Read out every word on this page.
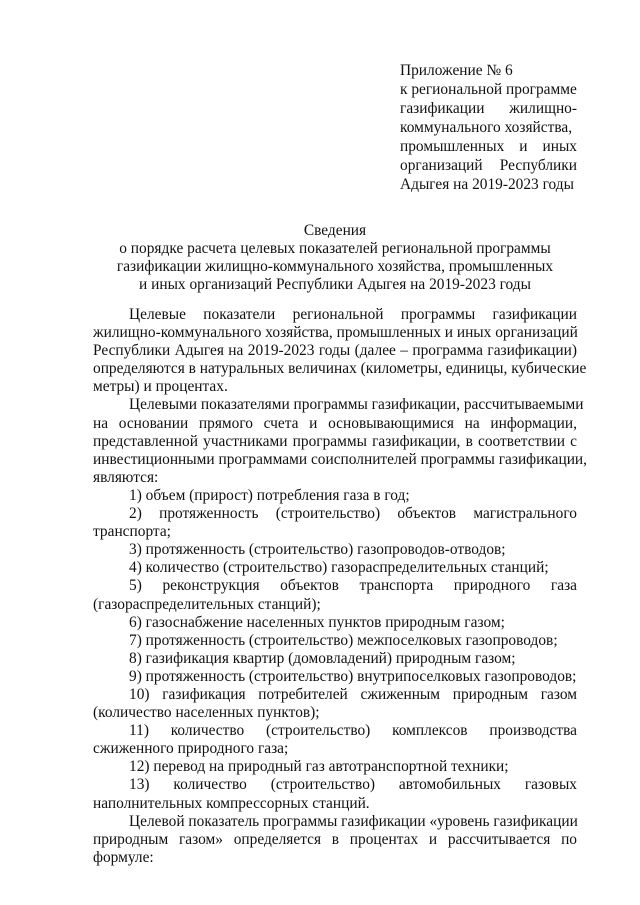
Приложение № 6
к региональной программе
газификации жилищно-
коммунального хозяйства,
промышленных и иных
организаций Республики
Адыгея на 2019-2023 годы
Сведения
о порядке расчета целевых показателей региональной программы
газификации жилищно-коммунального хозяйства, промышленных
и иных организаций Республики Адыгея на 2019-2023 годы

Целевые показатели региональной программы газификации
жилищно-коммунального хозяйства, промышленных и иных организаций
Республики Адыгея на 2019-2023 годы (далее – программа газификации)
определяются в натуральных величинах (километры, единицы, кубические
метры) и процентах.

Целевыми показателями программы газификации, рассчитываемыми
на основании прямого счета и основывающимися на информации,
представленной участниками программы газификации, в соответствии с
инвестиционными программами соисполнителей программы газификации,
являются:

1) объем (прирост) потребления газа в год;

2) протяженность (строительство) объектов магистрального
транспорта;

3) протяженность (строительство) газопроводов-отводов;

4) количество (строительство) газораспределительных станций;

5) реконструкция объектов транспорта природного газа
(газораспределительных станций);

6) газоснабжение населенных пунктов природным газом;

7) протяженность (строительство) межпоселковых газопроводов;

8) газификация квартир (домовладений) природным газом;

9) протяженность (строительство) внутрипоселковых газопроводов;

10) газификация потребителей сжиженным природным газом
(количество населенных пунктов);

11) количество (строительство) комплексов производства
сжиженного природного газа;

12) перевод на природный газ автотранспортной техники;

13) количество (строительство) автомобильных газовых
наполнительных компрессорных станций.

Целевой показатель программы газификации «уровень газификации
природным газом» определяется в процентах и рассчитывается по
формуле:
